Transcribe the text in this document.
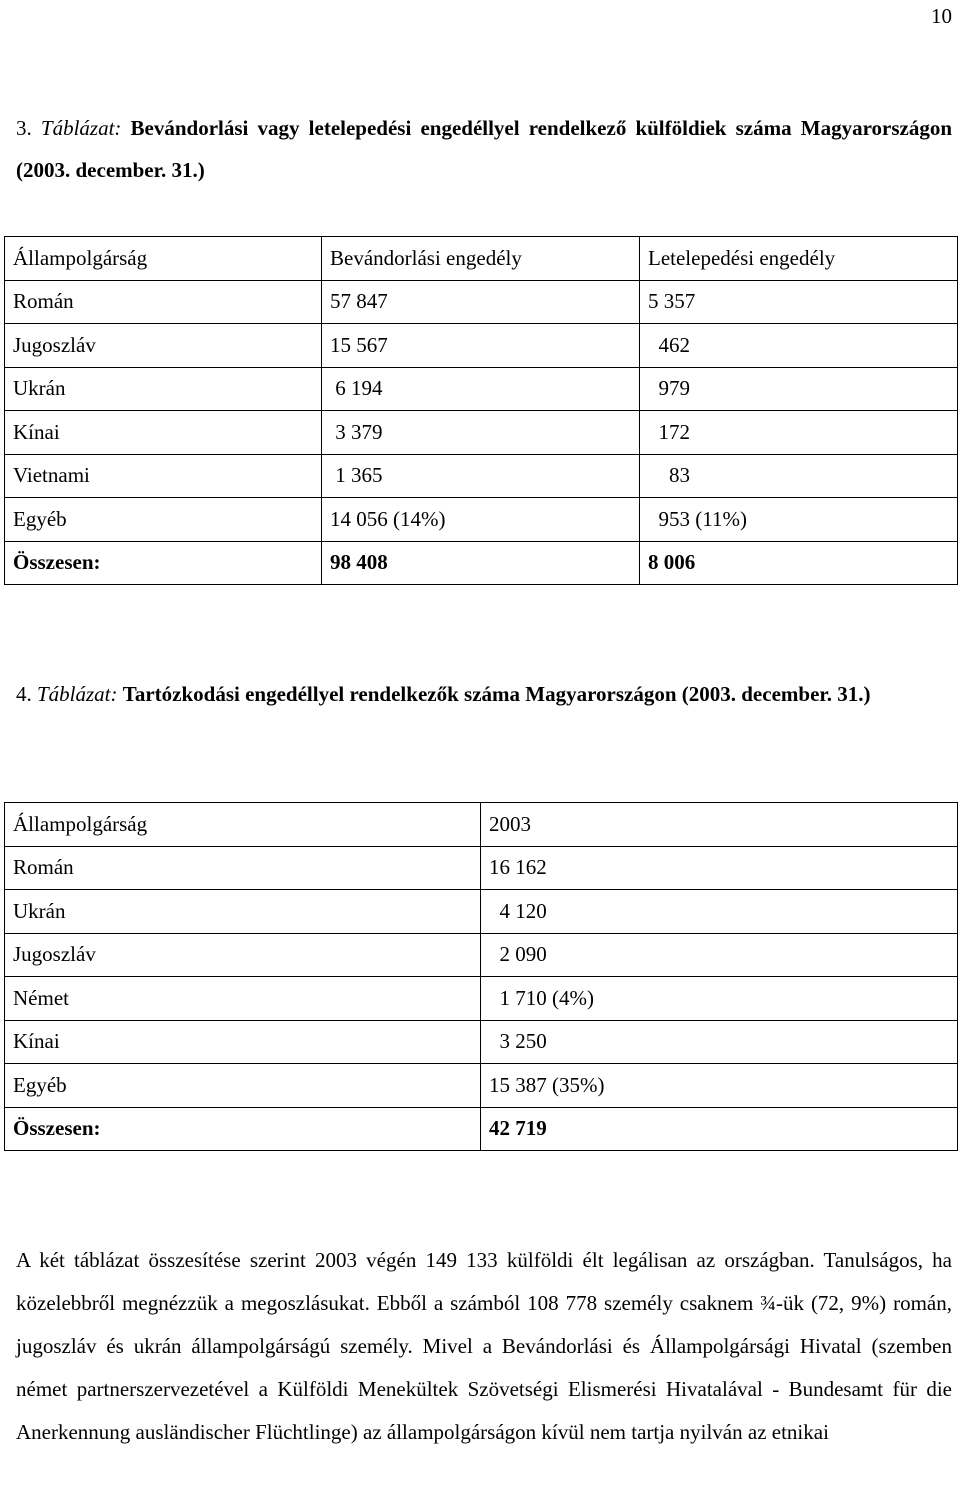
10
3. Táblázat: Bevándorlási vagy letelepedési engedéllyel rendelkező külföldiek száma Magyarországon (2003. december. 31.)
Állampolgárság	Bevándorlási engedély	Letelepedési engedély
Román	57 847	5 357
Jugoszláv	15 567	462
Ukrán	6 194	979
Kínai	3 379	172
Vietnami	1 365	83
Egyéb	14 056 (14%)	953 (11%)
Összesen:	98 408	8 006
4. Táblázat: Tartózkodási engedéllyel rendelkezők száma Magyarországon (2003. december. 31.)
Állampolgárság	2003
Román	16 162
Ukrán	4 120
Jugoszláv	2 090
Német	1 710 (4%)
Kínai	3 250
Egyéb	15 387 (35%)
Összesen:	42 719
A két táblázat összesítése szerint 2003 végén 149 133 külföldi élt legálisan az országban. Tanulságos, ha közelebbről megnézzük a megoszlásukat. Ebből a számból 108 778 személy csaknem ¾-ük (72, 9%) román, jugoszláv és ukrán állampolgárságú személy. Mivel a Bevándorlási és Állampolgársági Hivatal (szemben német partnerszervezetével a Külföldi Menekültek Szövetségi Elismerési Hivatalával - Bundesamt für die Anerkennung ausländischer Flüchtlinge) az állampolgárságon kívül nem tartja nyilván az etnikai
